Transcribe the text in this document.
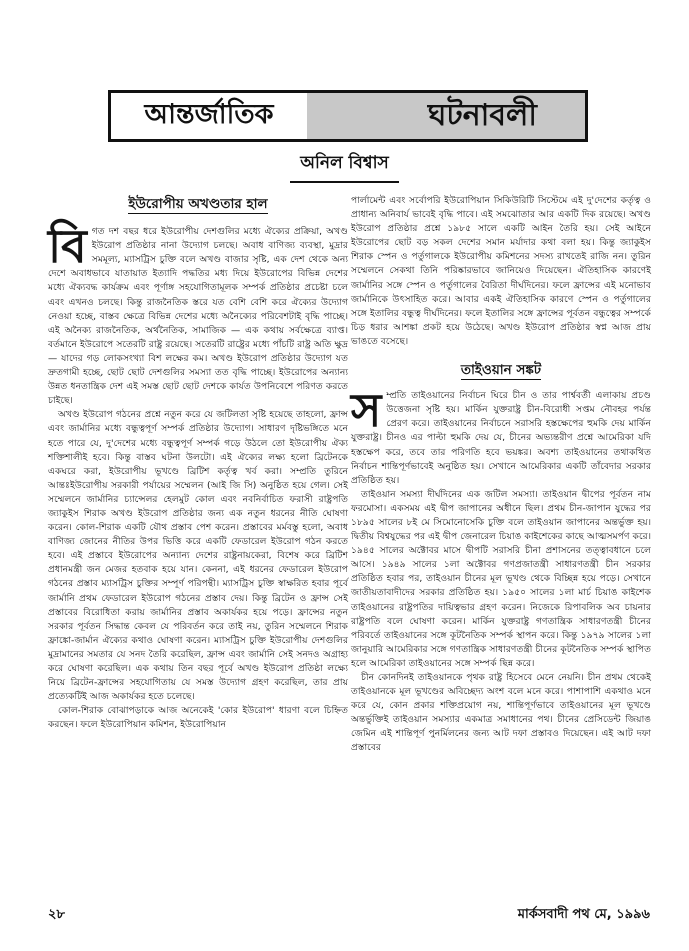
আন্তর্জাতিক	ঘটনাবলী
অনিল বিশ্বাস
ইউরোপীয় অখণ্ডতার হাল

বিগত দশ বছর ধরে ইউরোপীয় দেশগুলির মধ্যে ঐক্যের প্রক্রিয়া, অখণ্ড ইউরোপ প্রতিষ্ঠার নানা উদ্যোগ চলছে। অবাধ বাণিজ্য ব্যবস্থা, মুদ্রার সমমূল্য, ম্যাসট্রিস চুক্তি বলে অখণ্ড বাজার সৃষ্টি, এক দেশ থেকে অন্য দেশে অবাধভাবে যাতায়াত ইত্যাদি পদ্ধতির মধ্য দিয়ে ইউরোপের বিভিন্ন দেশের মধ্যে ঐক্যবদ্ধ কার্যক্রম এবং পূর্ণাঙ্গ সহযোগিতামূলক সম্পর্ক প্রতিষ্ঠার প্রচেষ্টা চলে এবং এখনও চলছে। কিন্তু রাজনৈতিক স্তরে যত বেশি বেশি করে ঐক্যের উদ্যোগ নেওয়া হচ্ছে, বাস্তব ক্ষেত্রে বিভিন্ন দেশের মধ্যে অনৈক্যের পরিবেশটাই বৃদ্ধি পাচ্ছে। এই অনৈক্য রাজনৈতিক, অর্থনৈতিক, সামাজিক — এক কথায় সর্বক্ষেত্রে ব্যাপ্ত। বর্তমানে ইউরোপে সতেরটি রাষ্ট্র রয়েছে। সতেরটি রাষ্ট্রের মধ্যে পাঁচটি রাষ্ট্র অতি ক্ষুদ্র — যাদের গড় লোকসংখ্যা বিশ লক্ষের কম। অখণ্ড ইউরোপ প্রতিষ্ঠার উদ্যোগ যত দ্রুতগামী হচ্ছে, ছোট ছোট দেশগুলির সমস্যা তত বৃদ্ধি পাচ্ছে। ইউরোপের অন্যান্য উন্নত ধনতান্ত্রিক দেশ এই সমস্ত ছোট ছোট দেশকে কার্যত উপনিবেশে পরিণত করতে চাইছে।

অখণ্ড ইউরোপ গঠনের প্রশ্নে নতুন করে যে জটিলতা সৃষ্টি হয়েছে তাহলো, ফ্রান্স এবং জার্মানির মধ্যে বন্ধুত্বপূর্ণ সম্পর্ক প্রতিষ্ঠার উদ্যোগ। সাধারণ দৃষ্টিভঙ্গিতে মনে হতে পারে যে, দু'দেশের মধ্যে বন্ধুত্বপূর্ণ সম্পর্ক গড়ে উঠলে তো ইউরোপীয় ঐক্য শক্তিশালীই হবে। কিন্তু বাস্তব ঘটনা উলটো। এই ঐক্যের লক্ষ্য হলো ব্রিটেনকে একঘরে করা, ইউরোপীয় ভূখণ্ডে ব্রিটিশ কর্তৃত্ব খর্ব করা। সম্প্রতি তুরিনে আন্তঃইউরোপীয় সরকারী পর্যায়ের সম্মেলন (আই জি সি) অনুষ্ঠিত হয়ে গেল। সেই সম্মেলনে জার্মানির চ্যান্সেলর হেলমুট কোল এবং নবনির্বাচিত ফরাসী রাষ্ট্রপতি জ্যাকুইস শিরাক অখণ্ড ইউরোপ প্রতিষ্ঠার জন্য এক নতুন ধরনের নীতি ঘোষণা করেন। কোল-শিরাক একটি যৌথ প্রস্তাব পেশ করেন। প্রস্তাবের মর্মবস্তু হলো, অবাধ বাণিজ্য জোনের নীতির উপর ভিত্তি করে একটি ফেডারেল ইউরোপ গঠন করতে হবে। এই প্রস্তাবে ইউরোপের অন্যান্য দেশের রাষ্ট্রনায়কেরা, বিশেষ করে ব্রিটিশ প্রধানমন্ত্রী জন মেজর হতবাক হয়ে যান। কেননা, এই ধরনের ফেডারেল ইউরোপ গঠনের প্রস্তাব ম্যাসট্রিস চুক্তির সম্পূর্ণ পরিপন্থী। ম্যাসট্রিস চুক্তি স্বাক্ষরিত হবার পূর্বে জার্মানি প্রথম ফেডারেল ইউরোপ গঠনের প্রস্তাব দেয়। কিন্তু ব্রিটেন ও ফ্রান্স সেই প্রস্তাবের বিরোধিতা করায় জার্মানির প্রস্তাব অকার্যকর হয়ে পড়ে। ফ্রান্সের নতুন সরকার পূর্বতন সিদ্ধান্ত কেবল যে পরিবর্তন করে তাই নয়, তুরিন সম্মেলনে শিরাক ফ্রাঙ্কো-জার্মান ঐক্যের কথাও ঘোষণা করেন। ম্যাসট্রিস চুক্তি ইউরোপীয় দেশগুলির মুদ্রামানের সমতার যে সনদ তৈরি করেছিল, ফ্রান্স এবং জার্মানি সেই সনদও অগ্রাহ্য করে ঘোষণা করেছিল। এক কথায় তিন বছর পূর্বে অখণ্ড ইউরোপ প্রতিষ্ঠা লক্ষ্যে নিয়ে ব্রিটেন-ফ্রান্সের সহযোগিতায় যে সমস্ত উদ্যোগ গ্রহণ করেছিল, তার প্রায় প্রত্যেকটিই আজ অকার্যকর হতে চলেছে।

কোল-শিরাক বোঝাপড়াকে আজ অনেকেই 'কোর ইউরোপ' ধারণা বলে চিহ্নিত করছেন। ফলে ইউরোপিয়ান কমিশন, ইউরোপিয়ান

পার্লামেন্ট এবং সর্বোপরি ইউরোপিয়ান সিকিউরিটি সিস্টেমে এই দু'দেশের কর্তৃত্ব ও প্রাধান্য অনিবার্য ভাবেই বৃদ্ধি পাবে। এই সমঝোতার আর একটি দিক রয়েছে। অখণ্ড ইউরোপ প্রতিষ্ঠার প্রশ্নে ১৯৮৫ সালে একটি আইন তৈরি হয়। সেই আইনে ইউরোপের ছোট বড় সকল দেশের সমান মর্যাদার কথা বলা হয়। কিন্তু জ্যাকুইস শিরাক স্পেন ও পর্তুগালকে ইউরোপীয় কমিশনের সদস্য রাখতেই রাজি নন। তুরিন সম্মেলনে সেকথা তিনি পরিষ্কারভাবে জানিয়েও দিয়েছেন। ঐতিহাসিক কারণেই জার্মানির সঙ্গে স্পেন ও পর্তুগালের বৈরিতা দীর্ঘদিনের। ফলে ফ্রান্সের এই মনোভাব জার্মানিকে উৎসাহিত করে। আবার একই ঐতিহাসিক কারণে স্পেন ও পর্তুগালের সঙ্গে ইতালির বন্ধুত্ব দীর্ঘদিনের। ফলে ইতালির সঙ্গে ফ্রান্সের পূর্বতন বন্ধুত্বের সম্পর্কে চিড় ধরার আশঙ্কা প্রকট হয়ে উঠেছে। অখণ্ড ইউরোপ প্রতিষ্ঠার স্বপ্ন আজ প্রায় ভাঙতে বসেছে।

তাইওয়ান সঙ্কট

সম্প্রতি তাইওয়ানের নির্বাচন ঘিরে চীন ও তার পার্শ্ববর্তী এলাকায় প্রচণ্ড উত্তেজনা সৃষ্টি হয়। মার্কিন যুক্তরাষ্ট্র চীন-বিরোধী সপ্তম নৌবহর পর্যন্ত প্রেরণ করে। তাইওয়ানের নির্বাচনে সরাসরি হস্তক্ষেপের হুমকি দেয় মার্কিন যুক্তরাষ্ট্র। চীনও এর পাল্টা হুমকি দেয় যে, চীনের অভ্যন্তরীণ প্রশ্নে আমেরিকা যদি হস্তক্ষেপ করে, তবে তার পরিণতি হবে ভয়ঙ্কর। অবশ্য তাইওয়ানের তথাকথিত নির্বাচন শান্তিপূর্ণভাবেই অনুষ্ঠিত হয়। সেখানে আমেরিকার একটি তাঁবেদার সরকার প্রতিষ্ঠিত হয়।

তাইওয়ান সমস্যা দীর্ঘদিনের এক জটিল সমস্যা। তাইওয়ান দ্বীপের পূর্বতন নাম ফরমোসা। একসময় এই দ্বীপ জাপানের অধীনে ছিল। প্রথম চীন-জাপান যুদ্ধের পর ১৮৯৫ সালের ৮ই মে সিমোনোসেকি চুক্তি বলে তাইওয়ান জাপানের অন্তর্ভুক্ত হয়। দ্বিতীয় বিশ্বযুদ্ধের পর এই দ্বীপ জেনারেল চিয়াঙ কাইশেকের কাছে আত্মসমর্পণ করে। ১৯৪৫ সালের অক্টোবর মাসে দ্বীপটি সরাসরি চীনা প্রশাসনের তত্ত্বাবধানে চলে আসে। ১৯৪৯ সালের ১লা অক্টোবর গণপ্রজাতন্ত্রী সাধারণতন্ত্রী চীন সরকার প্রতিষ্ঠিত হবার পর, তাইওয়ান চীনের মূল ভূখণ্ড থেকে বিচ্ছিন্ন হয়ে পড়ে। সেখানে জাতীয়তাবাদীদের সরকার প্রতিষ্ঠিত হয়। ১৯৫০ সালের ১লা মার্চ চিয়াঙ কাইশেক তাইওয়ানের রাষ্ট্রপতির দায়িত্বভার গ্রহণ করেন। নিজেকে রিপাবলিক অব চায়নার রাষ্ট্রপতি বলে ঘোষণা করেন। মার্কিন যুক্তরাষ্ট্র গণতান্ত্রিক সাধারণতন্ত্রী চীনের পরিবর্তে তাইওয়ানের সঙ্গে কূটনৈতিক সম্পর্ক স্থাপন করে। কিন্তু ১৯৭৯ সালের ১লা জানুয়ারি আমেরিকার সঙ্গে গণতান্ত্রিক সাধারণতন্ত্রী চীনের কূটনৈতিক সম্পর্ক স্থাপিত হলে আমেরিকা তাইওয়ানের সঙ্গে সম্পর্ক ছিন্ন করে।

চীন কোনদিনই তাইওয়ানকে পৃথক রাষ্ট্র হিসেবে মেনে নেয়নি। চীন প্রথম থেকেই তাইওয়ানকে মূল ভূখণ্ডের অবিচ্ছেদ্য অংশ বলে মনে করে। পাশাপাশি একথাও মনে করে যে, কোন প্রকার শক্তিপ্রয়োগ নয়, শান্তিপূর্ণভাবে তাইওয়ানের মূল ভূখণ্ডে অন্তর্ভুক্তিই তাইওয়ান সমস্যার একমাত্র সমাধানের পথ। চীনের প্রেসিডেন্ট জিয়াঙ জেমিন এই শান্তিপূর্ণ পুনর্মিলনের জন্য আট দফা প্রস্তাবও দিয়েছেন। এই আট দফা প্রস্তাবের

২৮	মার্কসবাদী পথ মে, ১৯৯৬
